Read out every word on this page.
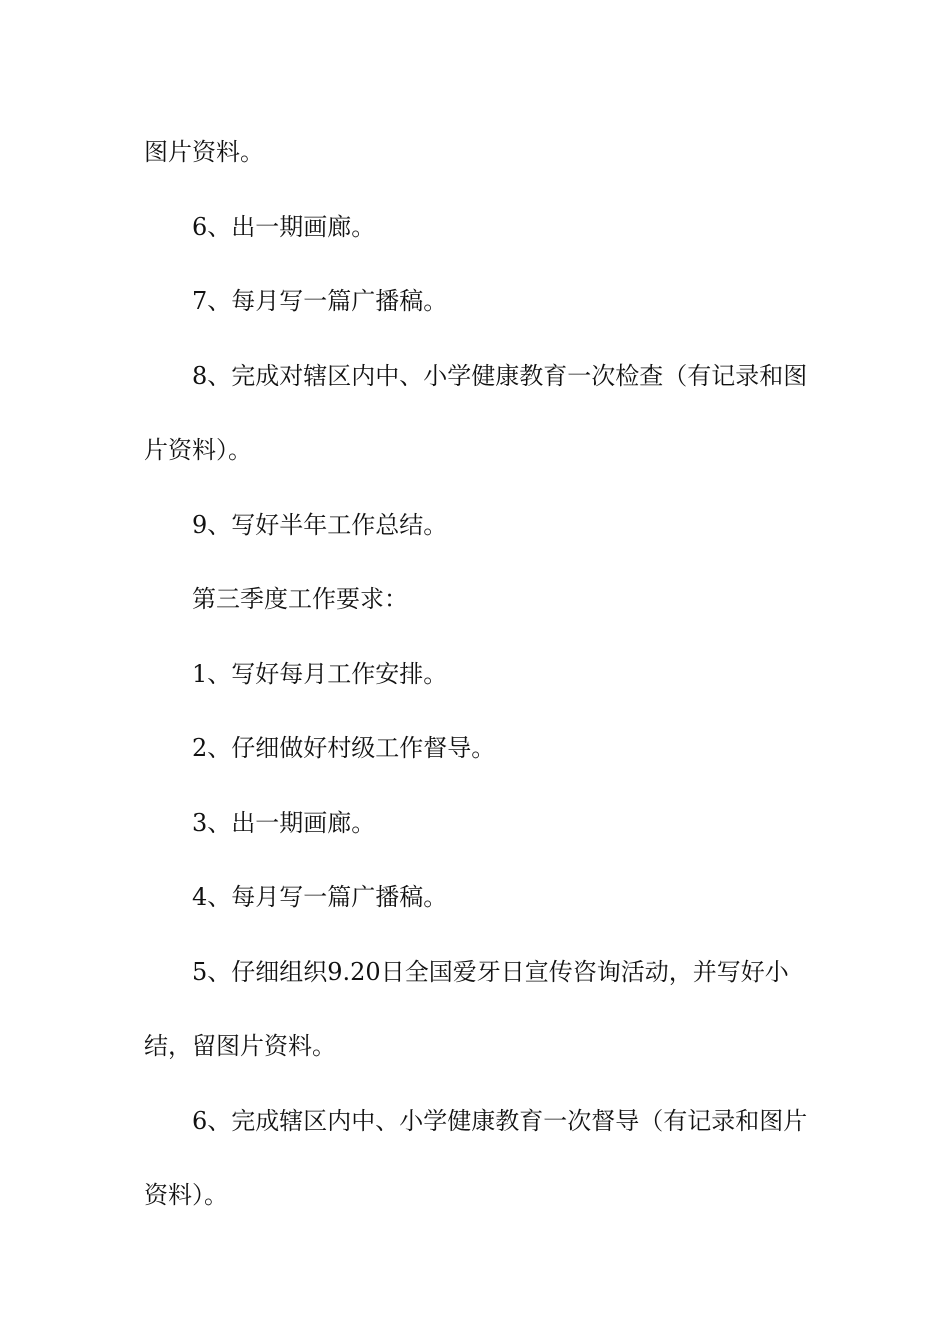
图片资料。
6、出一期画廊。
7、每月写一篇广播稿。
8、完成对辖区内中、小学健康教育一次检查（有记录和图
片资料）。
9、写好半年工作总结。
第三季度工作要求：
1、写好每月工作安排。
2、仔细做好村级工作督导。
3、出一期画廊。
4、每月写一篇广播稿。
5、仔细组织9.20日全国爱牙日宣传咨询活动，并写好小
结，留图片资料。
6、完成辖区内中、小学健康教育一次督导（有记录和图片
资料）。
